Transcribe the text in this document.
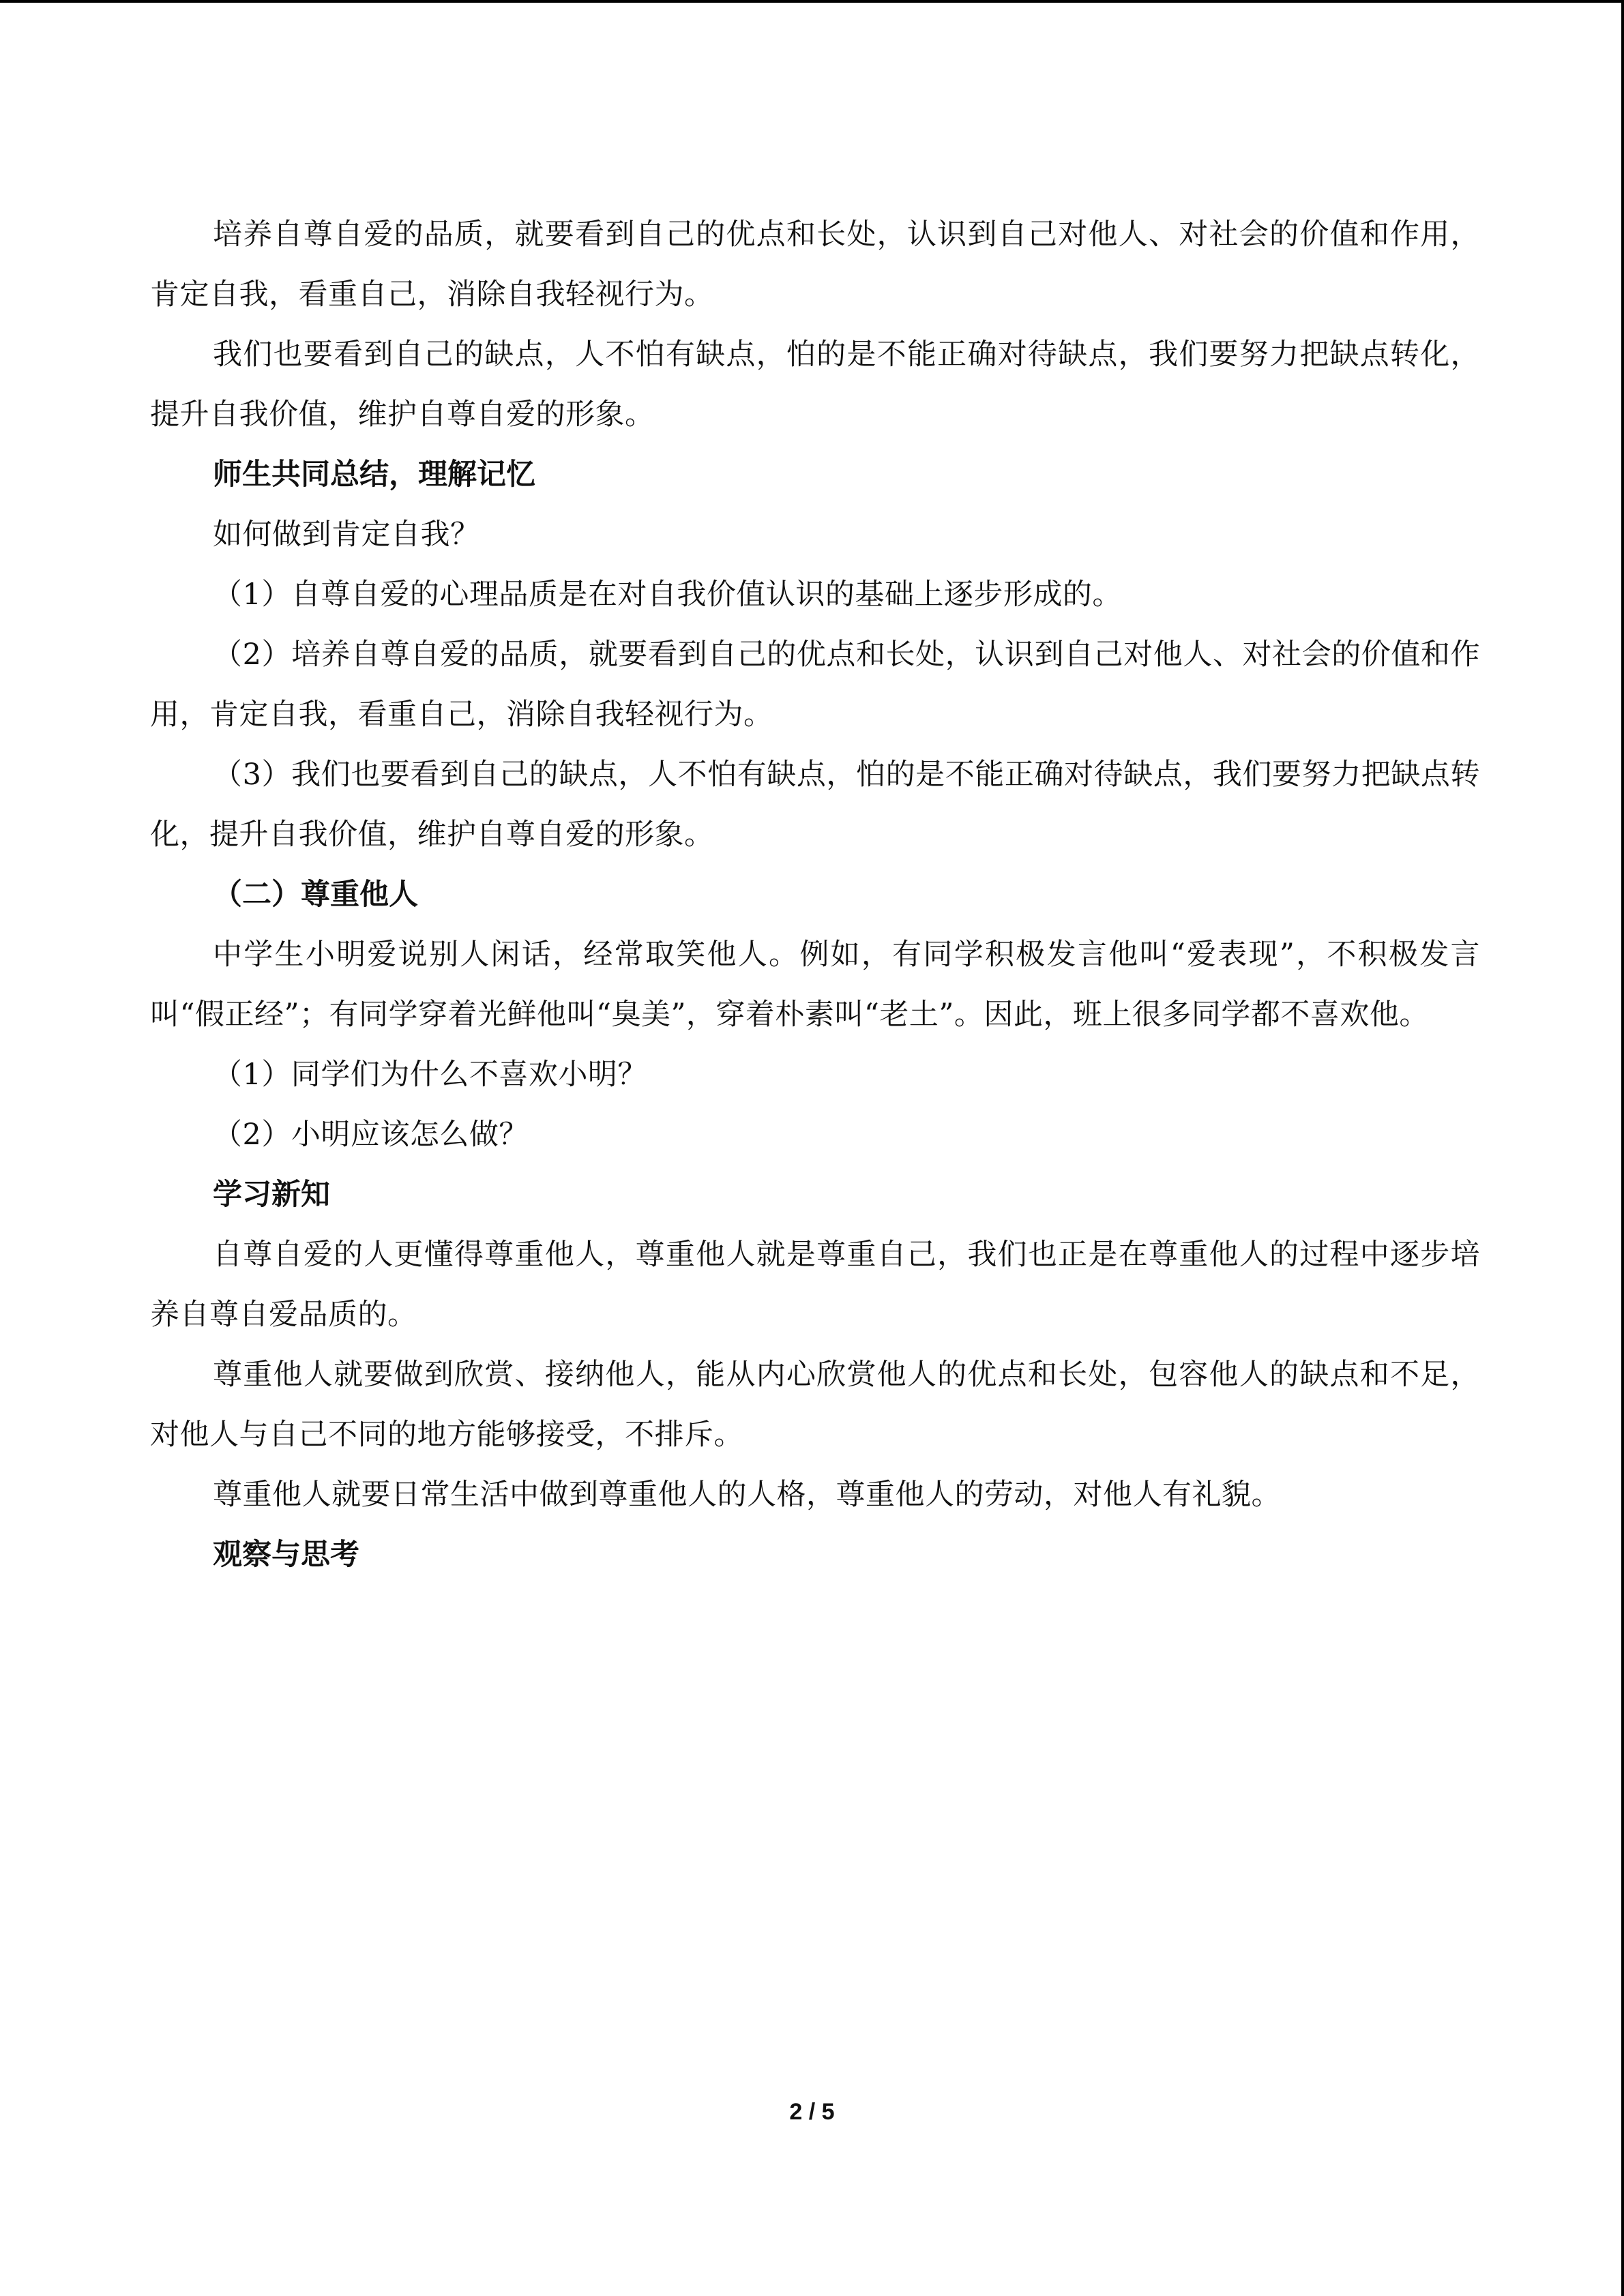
培养自尊自爱的品质，就要看到自己的优点和长处，认识到自己对他人、对社会的价值和作用，肯定自我，看重自己，消除自我轻视行为。

我们也要看到自己的缺点，人不怕有缺点，怕的是不能正确对待缺点，我们要努力把缺点转化，提升自我价值，维护自尊自爱的形象。

师生共同总结，理解记忆

如何做到肯定自我？

（1）自尊自爱的心理品质是在对自我价值认识的基础上逐步形成的。

（2）培养自尊自爱的品质，就要看到自己的优点和长处，认识到自己对他人、对社会的价值和作用，肯定自我，看重自己，消除自我轻视行为。

（3）我们也要看到自己的缺点，人不怕有缺点，怕的是不能正确对待缺点，我们要努力把缺点转化，提升自我价值，维护自尊自爱的形象。

（二）尊重他人

中学生小明爱说别人闲话，经常取笑他人。例如，有同学积极发言他叫“爱表现”，不积极发言叫“假正经”；有同学穿着光鲜他叫“臭美”，穿着朴素叫“老土”。因此，班上很多同学都不喜欢他。

（1）同学们为什么不喜欢小明？

（2）小明应该怎么做？

学习新知

自尊自爱的人更懂得尊重他人，尊重他人就是尊重自己，我们也正是在尊重他人的过程中逐步培养自尊自爱品质的。

尊重他人就要做到欣赏、接纳他人，能从内心欣赏他人的优点和长处，包容他人的缺点和不足，对他人与自己不同的地方能够接受，不排斥。

尊重他人就要日常生活中做到尊重他人的人格，尊重他人的劳动，对他人有礼貌。

观察与思考

2 / 5
